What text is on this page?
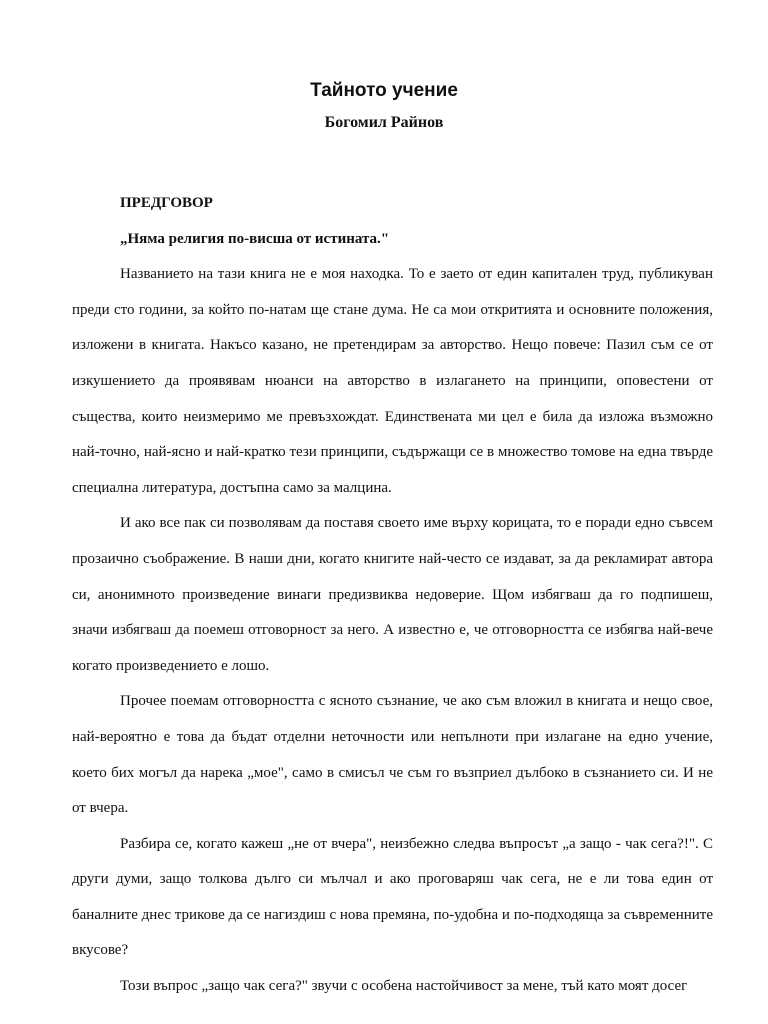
Тайното учение
Богомил Райнов

ПРЕДГОВОР

„Няма религия по-висша от истината."

Названието на тази книга не е моя находка. То е заето от един капитален труд, публикуван преди сто години, за който по-натам ще стане дума. Не са мои откритията и основните положения, изложени в книгата. Накъсо казано, не претендирам за авторство. Нещо повече: Пазил съм се от изкушението да проявявам нюанси на авторство в излагането на принципи, оповестени от същества, които неизмеримо ме превъзхождат. Единствената ми цел е била да изложа възможно най-точно, най-ясно и най-кратко тези принципи, съдържащи се в множество томове на една твърде специална литература, достъпна само за малцина.

И ако все пак си позволявам да поставя своето име върху корицата, то е поради едно съвсем прозаично съображение. В наши дни, когато книгите най-често се издават, за да рекламират автора си, анонимното произведение винаги предизвиква недоверие. Щом избягваш да го подпишеш, значи избягваш да поемеш отговорност за него. А известно е, че отговорността се избягва най-вече когато произведението е лошо.

Прочее поемам отговорността с ясното съзнание, че ако съм вложил в книгата и нещо свое, най-вероятно е това да бъдат отделни неточности или непълноти при излагане на едно учение, което бих могъл да нарека „мое", само в смисъл че съм го възприел дълбоко в съзнанието си. И не от вчера.

Разбира се, когато кажеш „не от вчера", неизбежно следва въпросът „а защо - чак сега?!". С други думи, защо толкова дълго си мълчал и ако проговаряш чак сега, не е ли това един от баналните днес трикове да се нагиздиш с нова премяна, по-удобна и по-подходяща за съвременните вкусове?

Този въпрос „защо чак сега?" звучи с особена настойчивост за мене, тъй като моят досег
